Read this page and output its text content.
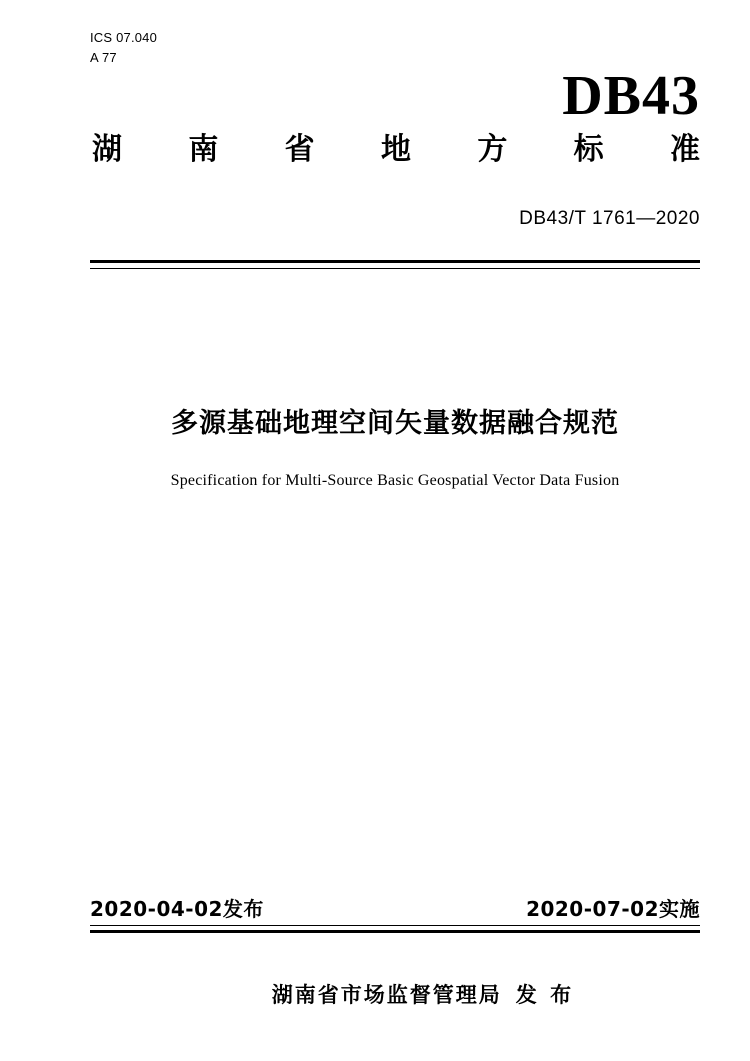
ICS 07.040
A 77
DB43
湖 南 省 地 方 标 准
DB43/T 1761—2020
多源基础地理空间矢量数据融合规范
Specification for Multi-Source Basic Geospatial Vector Data Fusion
2020-04-02发布	2020-07-02实施

湖南省市场监督管理局 发 布
